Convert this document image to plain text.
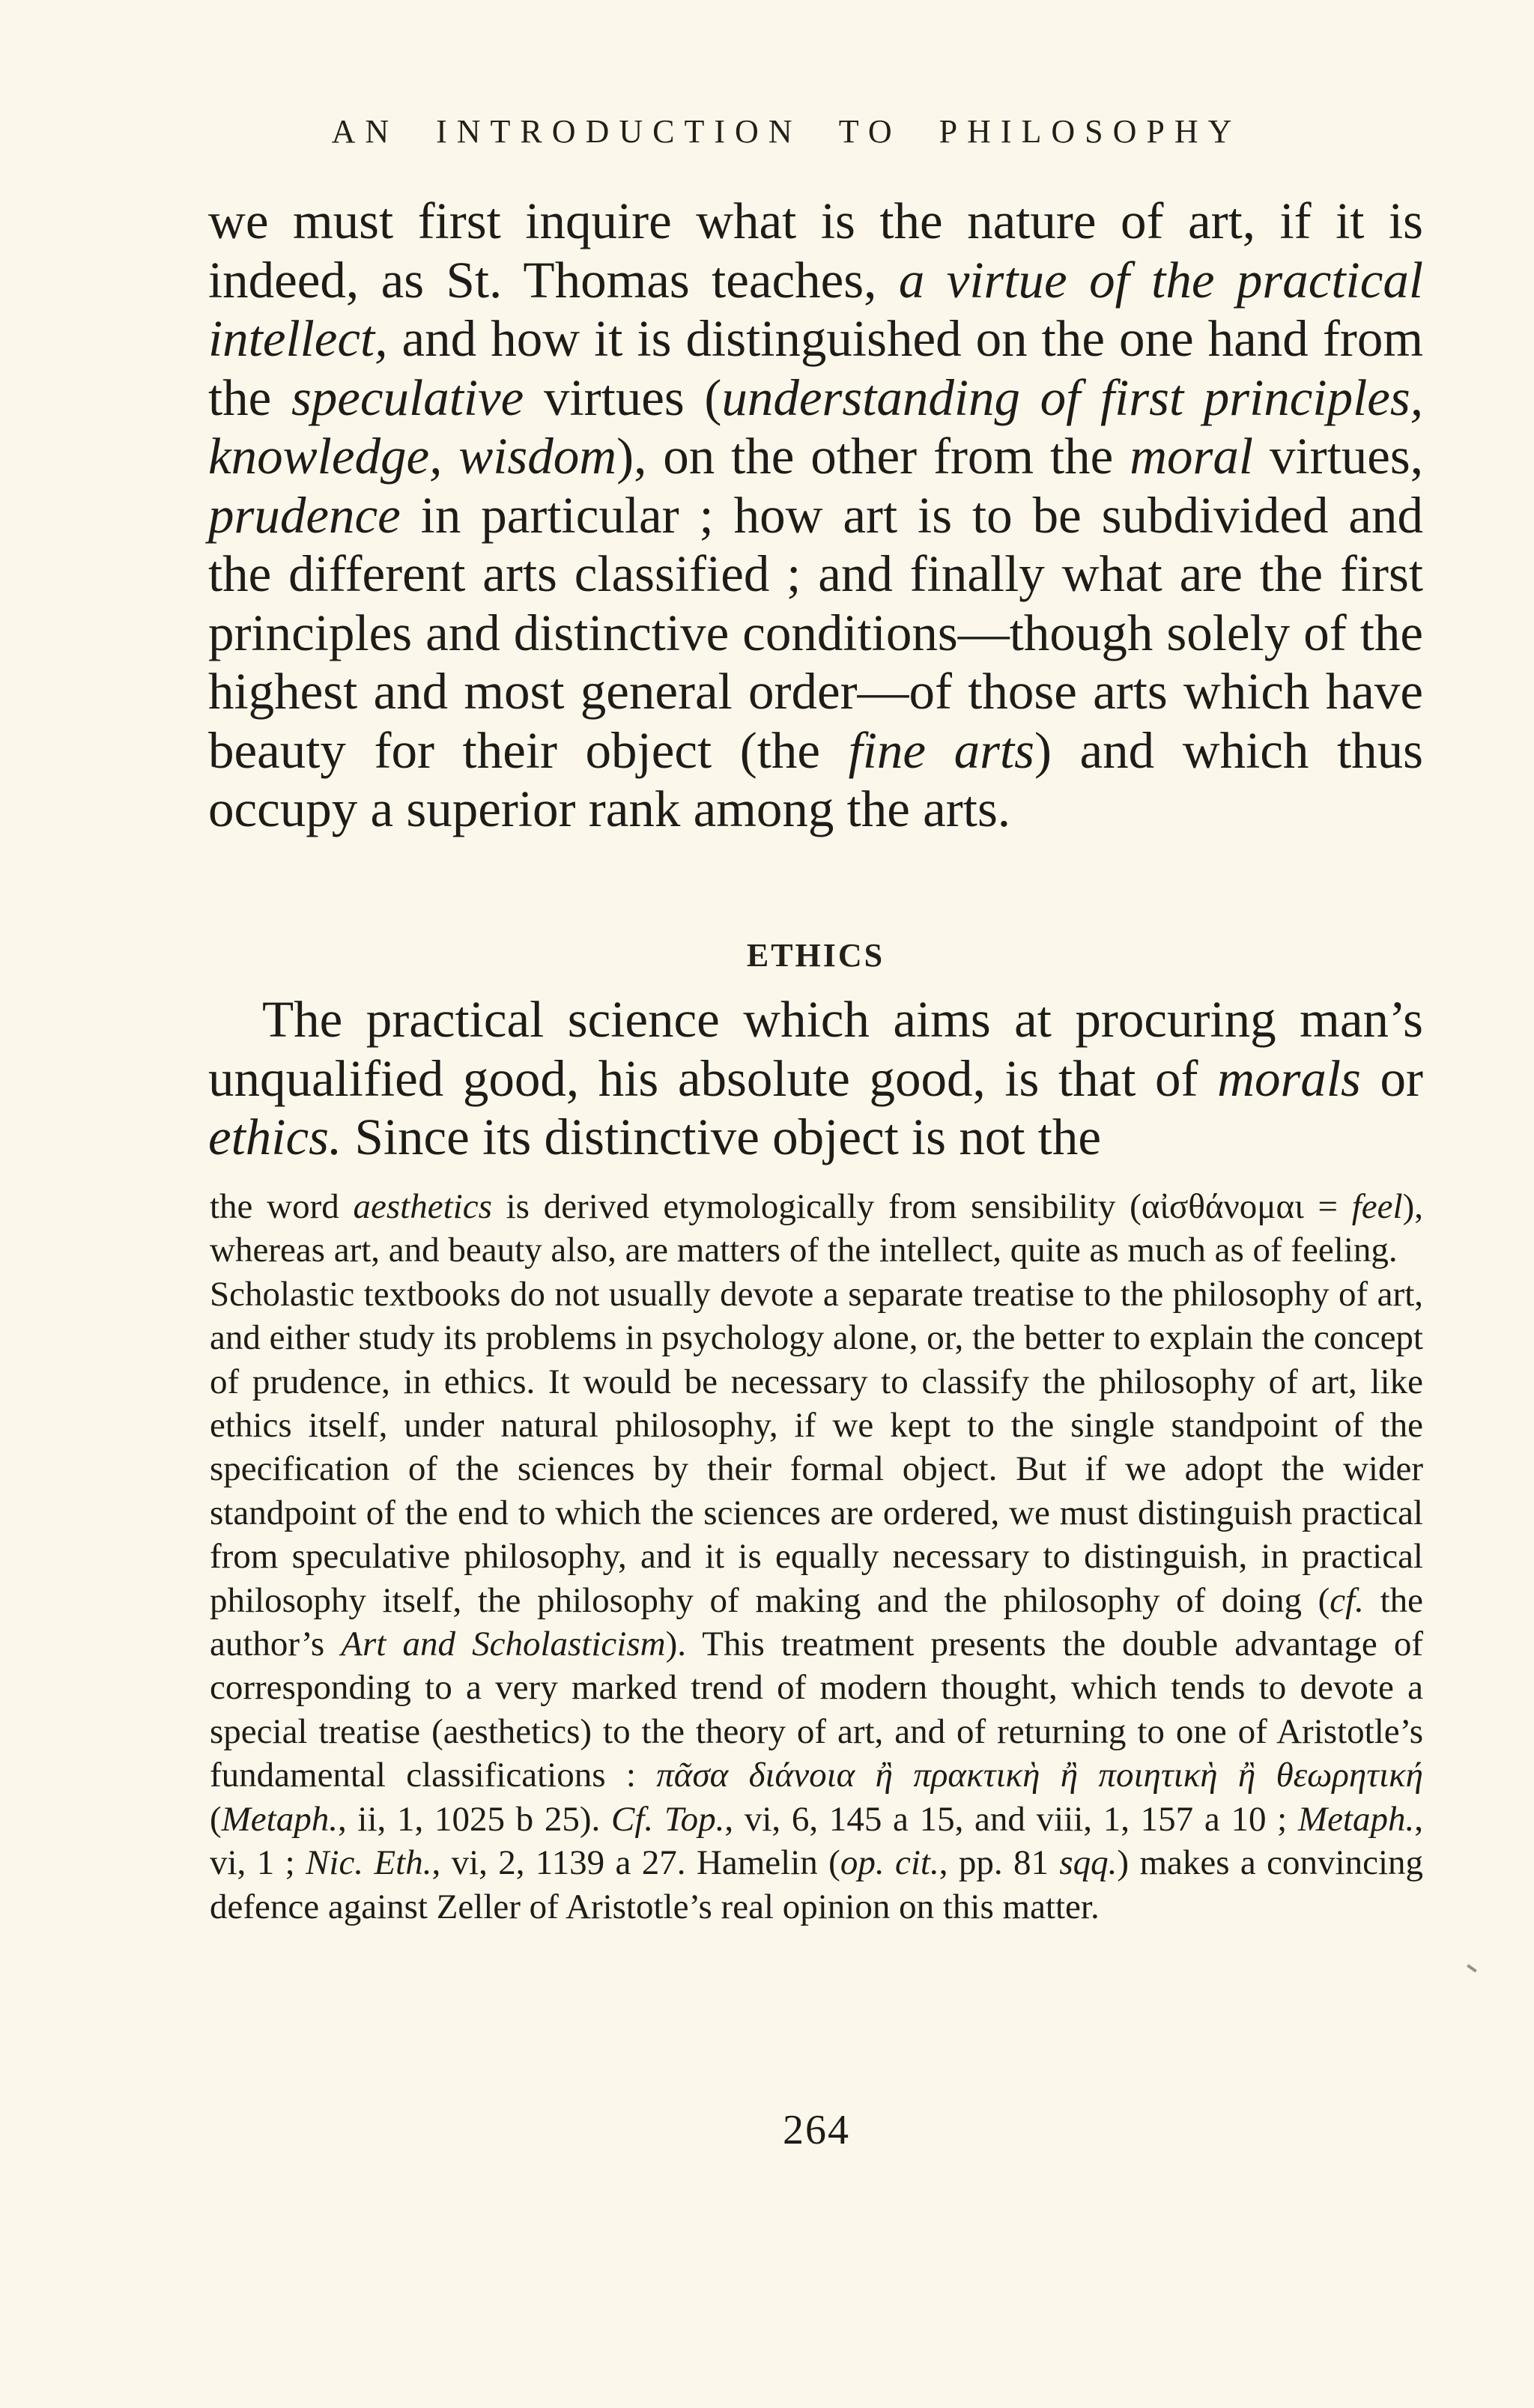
AN INTRODUCTION TO PHILOSOPHY

we must first inquire what is the nature of art, if it is indeed, as St. Thomas teaches, a virtue of the practical intellect, and how it is distinguished on the one hand from the speculative virtues (understanding of first principles, knowledge, wisdom), on the other from the moral virtues, prudence in particular ; how art is to be subdivided and the different arts classified ; and finally what are the first principles and distinctive conditions—though solely of the highest and most general order—of those arts which have beauty for their object (the fine arts) and which thus occupy a superior rank among the arts.

ETHICS

The practical science which aims at procuring man’s unqualified good, his absolute good, is that of morals or ethics. Since its distinctive object is not the

the word aesthetics is derived etymologically from sensibility (αἰσθάνομαι = feel), whereas art, and beauty also, are matters of the intellect, quite as much as of feeling.

Scholastic textbooks do not usually devote a separate treatise to the philosophy of art, and either study its problems in psychology alone, or, the better to explain the concept of prudence, in ethics. It would be necessary to classify the philosophy of art, like ethics itself, under natural philosophy, if we kept to the single standpoint of the specification of the sciences by their formal object. But if we adopt the wider standpoint of the end to which the sciences are ordered, we must distinguish practical from speculative philosophy, and it is equally necessary to distinguish, in practical philosophy itself, the philosophy of making and the philosophy of doing (cf. the author’s Art and Scholasticism). This treatment presents the double advantage of corresponding to a very marked trend of modern thought, which tends to devote a special treatise (aesthetics) to the theory of art, and of returning to one of Aristotle’s fundamental classifications : πᾶσα διάνοια ἢ πρακτικὴ ἢ ποιητικὴ ἢ θεωρητική (Metaph., ii, 1, 1025 b 25). Cf. Top., vi, 6, 145 a 15, and viii, 1, 157 a 10 ; Metaph., vi, 1 ; Nic. Eth., vi, 2, 1139 a 27. Hamelin (op. cit., pp. 81 sqq.) makes a convincing defence against Zeller of Aristotle’s real opinion on this matter.

264
